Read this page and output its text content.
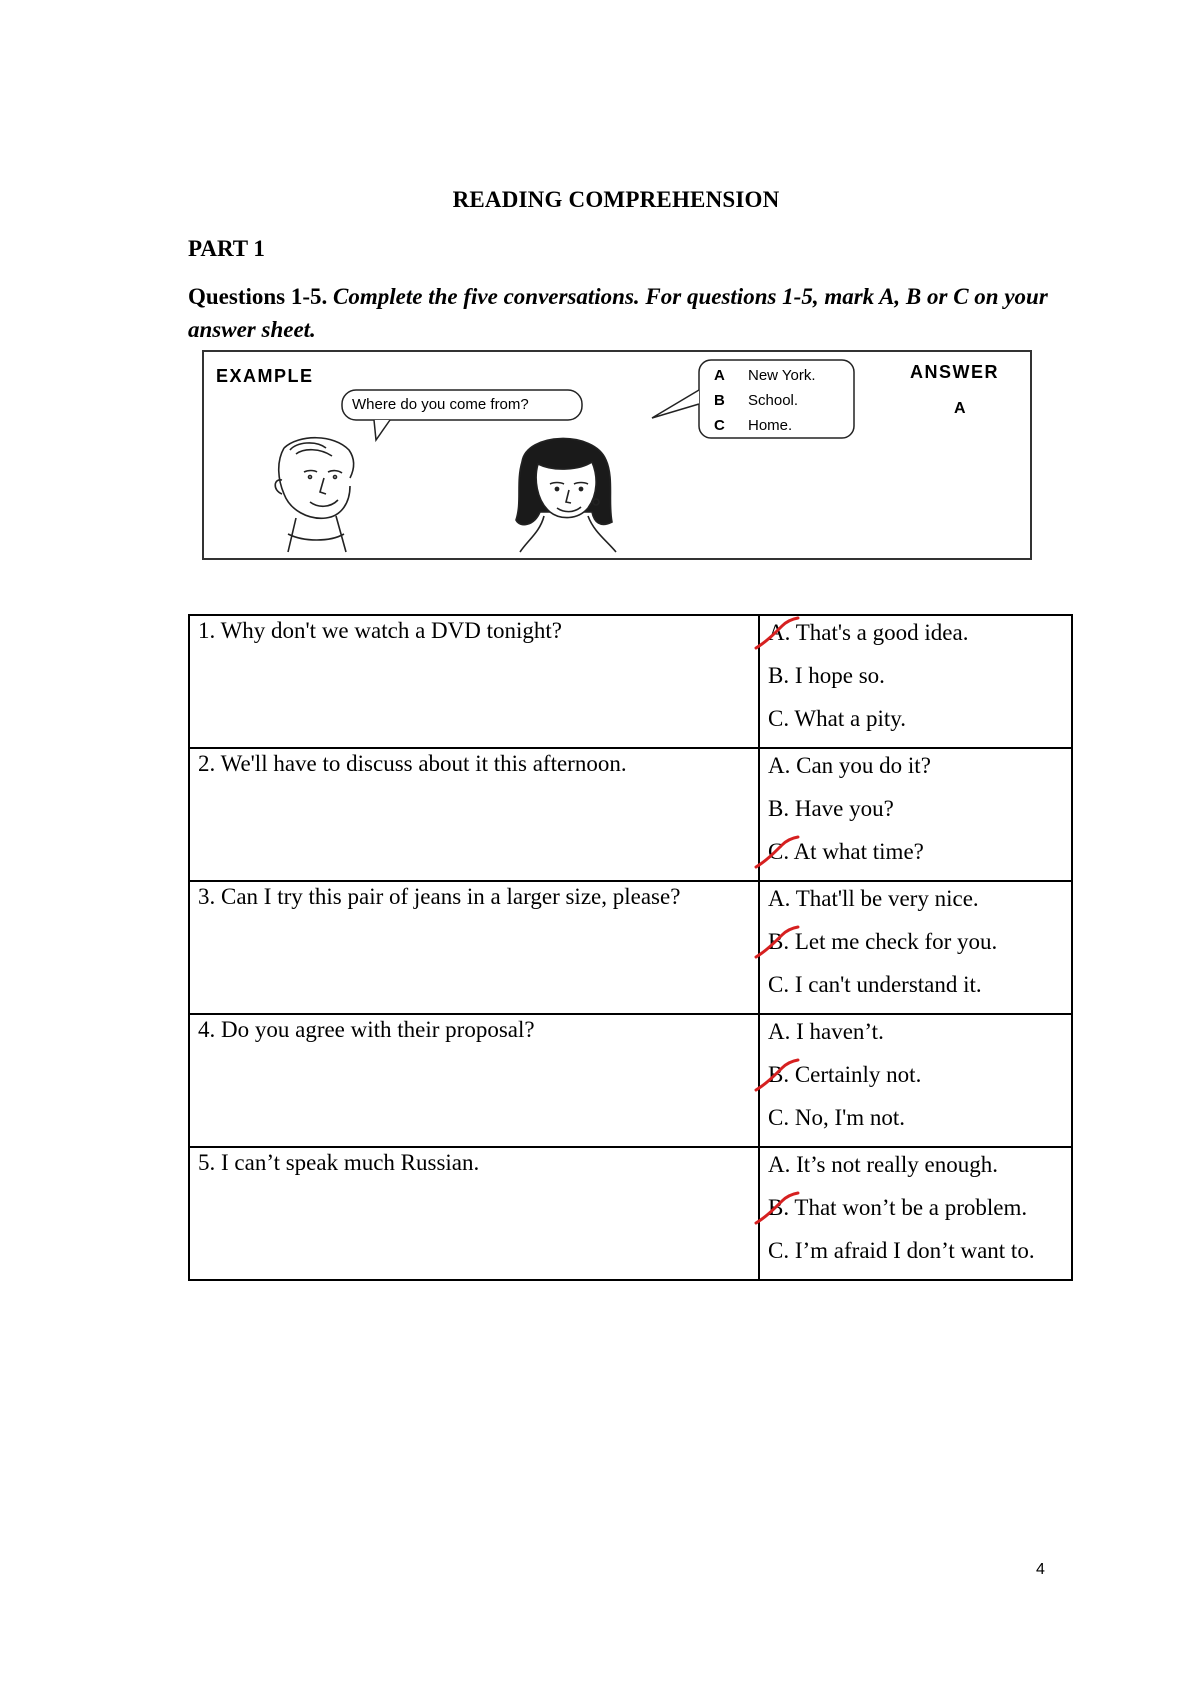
READING COMPREHENSION
PART 1
Questions 1-5. Complete the five conversations. For questions 1-5, mark A, B or C on your answer sheet.
EXAMPLE
Where do you come from?
A New York.
B School.
C Home.
ANSWER
A
1. Why don't we watch a DVD tonight?	A. That's a good idea.
B. I hope so.
C. What a pity.

2. We'll have to discuss about it this afternoon.	A. Can you do it?
B. Have you?
C. At what time?

3. Can I try this pair of jeans in a larger size, please?	A. That'll be very nice.
B. Let me check for you.
C. I can't understand it.

4. Do you agree with their proposal?	A. I haven’t.
B. Certainly not.
C. No, I'm not.

5. I can’t speak much Russian.	A. It’s not really enough.
B. That won’t be a problem.
C. I’m afraid I don’t want to.
4
